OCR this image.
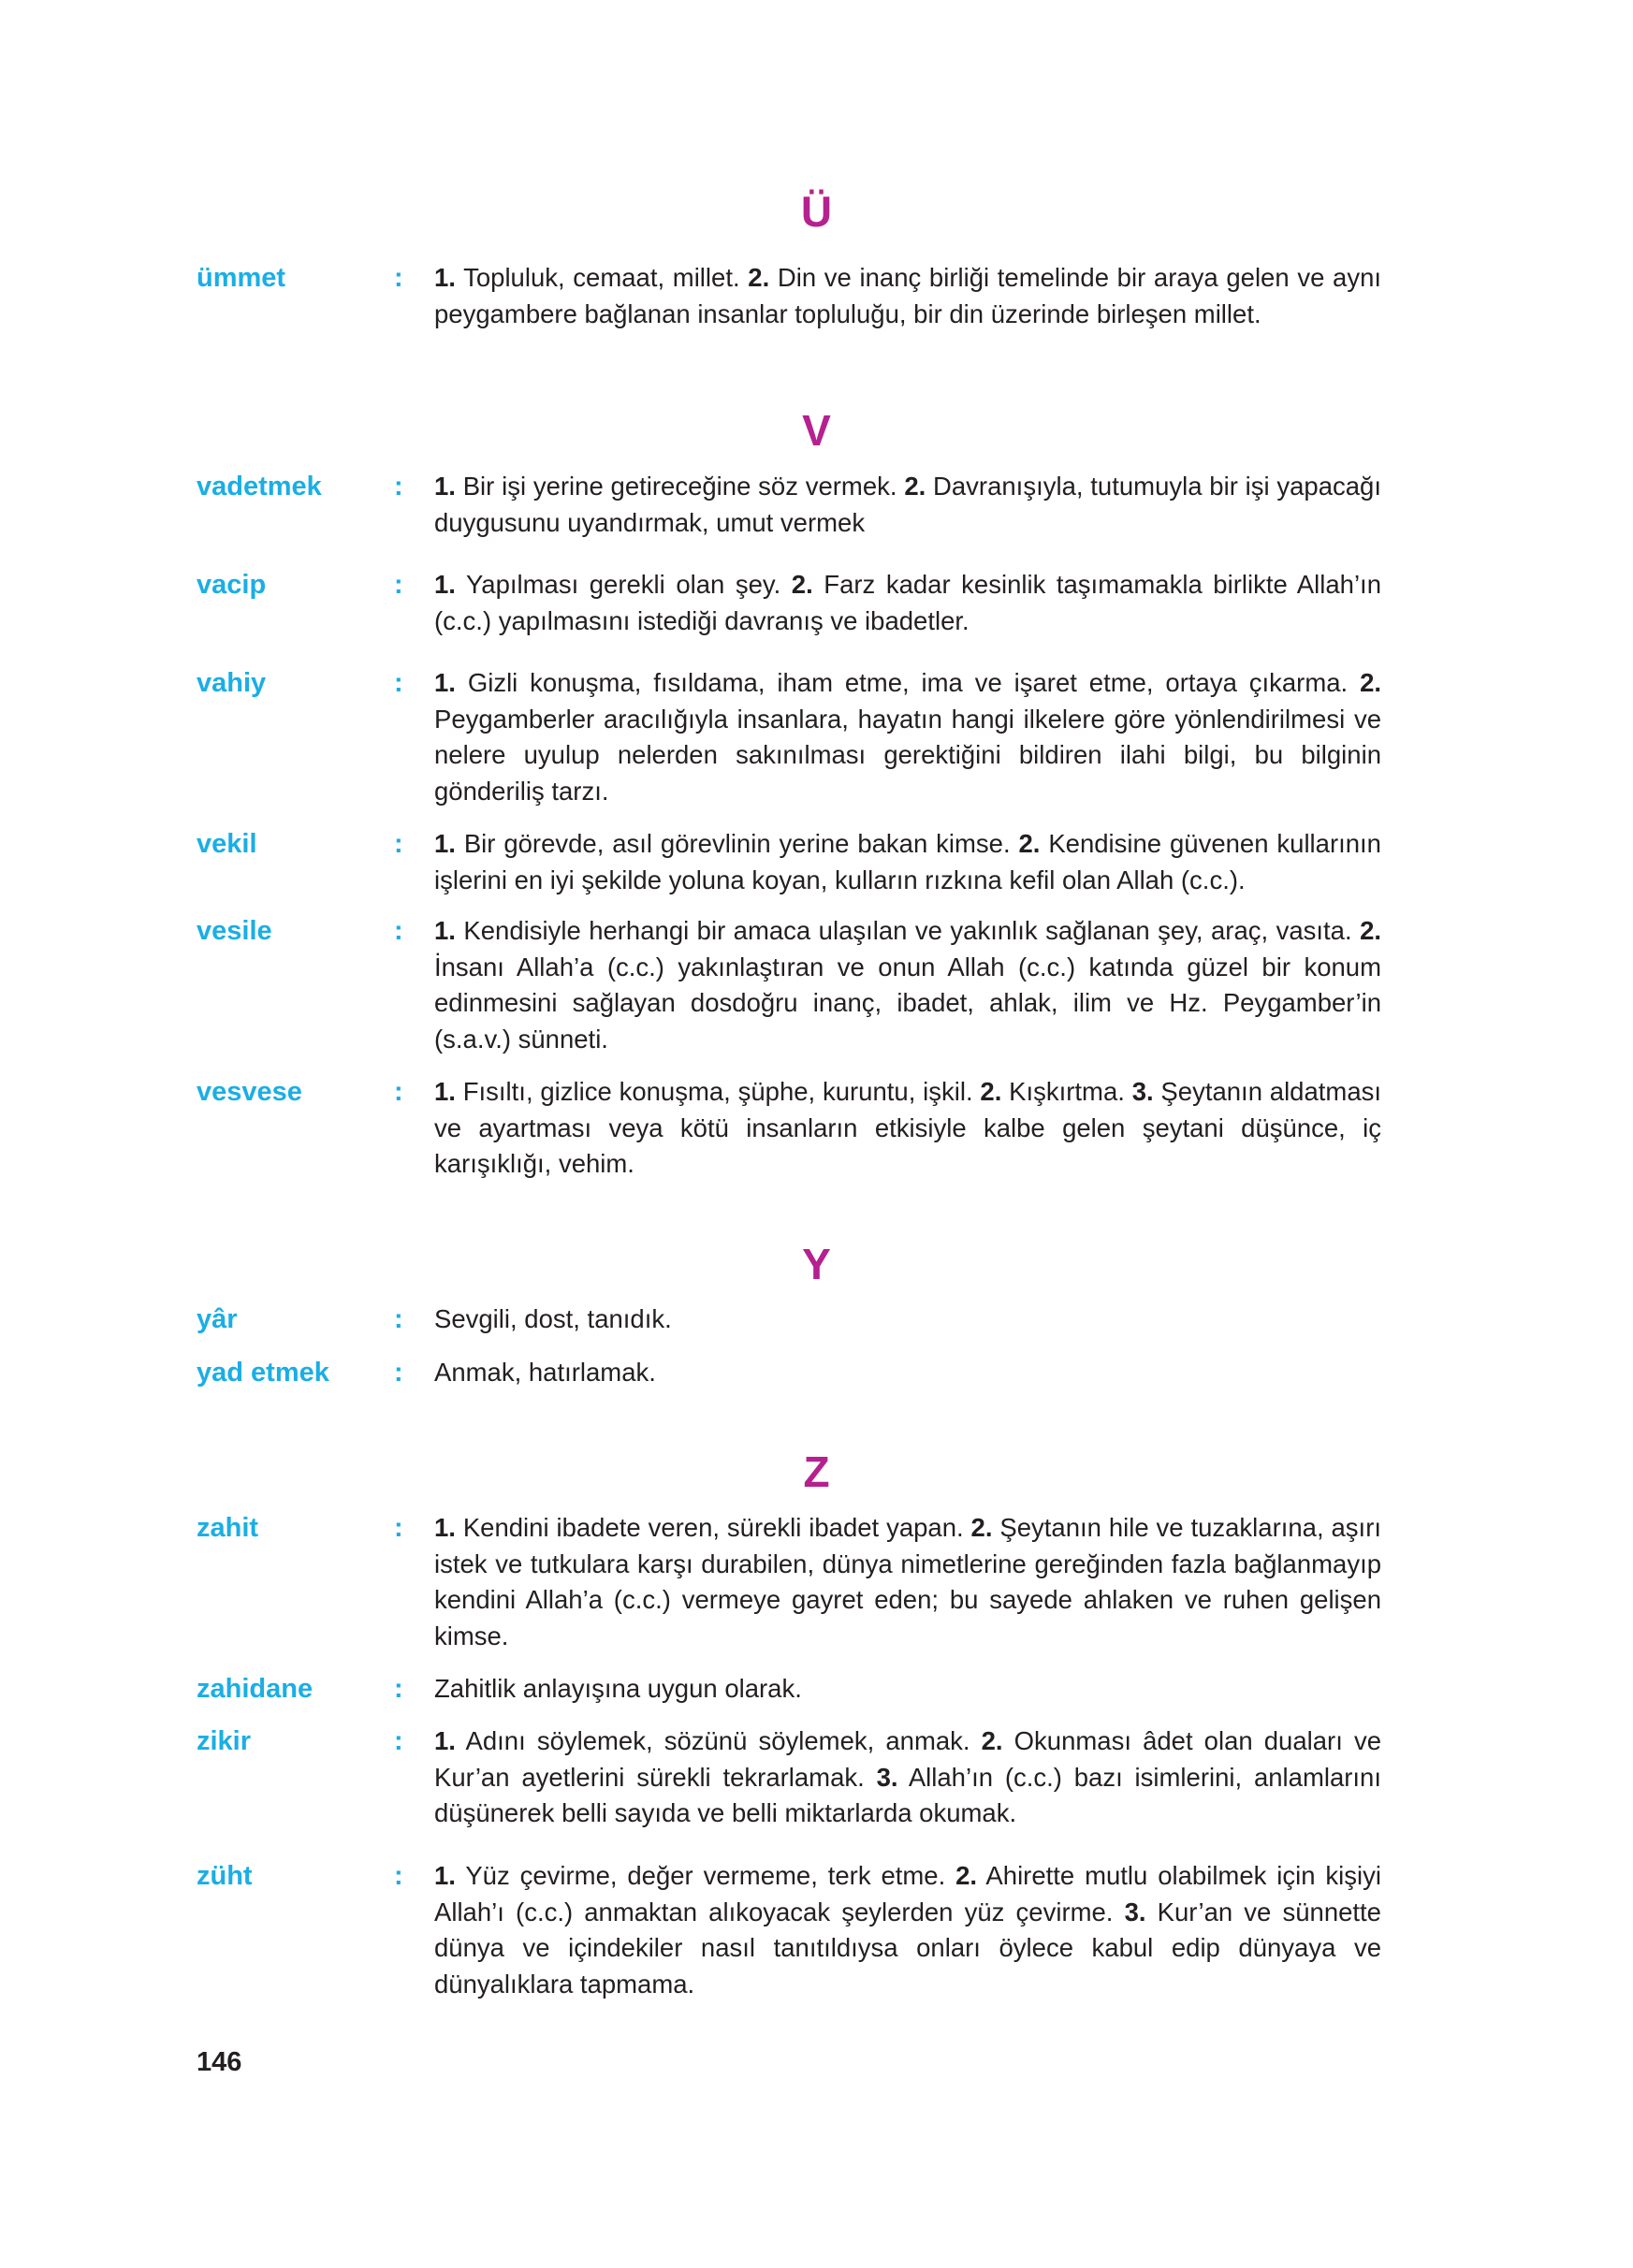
Ü
ümmet	: 1. Topluluk, cemaat, millet. 2. Din ve inanç birliği temelinde bir araya gelen ve aynı peygambere bağlanan insanlar topluluğu, bir din üzerinde birleşen millet.
V
vadetmek	: 1. Bir işi yerine getireceğine söz vermek. 2. Davranışıyla, tutumuyla bir işi yapacağı duygusunu uyandırmak, umut vermek
vacip	: 1. Yapılması gerekli olan şey. 2. Farz kadar kesinlik taşımamakla birlikte Allah’ın (c.c.) yapılmasını istediği davranış ve ibadetler.
vahiy	: 1. Gizli konuşma, fısıldama, iham etme, ima ve işaret etme, ortaya çıkarma. 2. Peygamberler aracılığıyla insanlara, hayatın hangi ilkelere göre yönlendirilmesi ve nelere uyulup nelerden sakınılması gerektiğini bildiren ilahi bilgi, bu bilginin gönderiliş tarzı.
vekil	: 1. Bir görevde, asıl görevlinin yerine bakan kimse. 2. Kendisine güvenen kullarının işlerini en iyi şekilde yoluna koyan, kulların rızkına kefil olan Allah (c.c.).
vesile	: 1. Kendisiyle herhangi bir amaca ulaşılan ve yakınlık sağlanan şey, araç, vasıta. 2. İnsanı Allah’a (c.c.) yakınlaştıran ve onun Allah (c.c.) katında güzel bir konum edinmesini sağlayan dosdoğru inanç, ibadet, ahlak, ilim ve Hz. Peygamber’in (s.a.v.) sünneti.
vesvese	: 1. Fısıltı, gizlice konuşma, şüphe, kuruntu, işkil. 2. Kışkırtma. 3. Şeytanın aldatması ve ayartması veya kötü insanların etkisiyle kalbe gelen şeytani düşünce, iç karışıklığı, vehim.
Y
yâr	: Sevgili, dost, tanıdık.
yad etmek	: Anmak, hatırlamak.
Z
zahit	: 1. Kendini ibadete veren, sürekli ibadet yapan. 2. Şeytanın hile ve tuzaklarına, aşırı istek ve tutkulara karşı durabilen, dünya nimetlerine gereğinden fazla bağlanmayıp kendini Allah’a (c.c.) vermeye gayret eden; bu sayede ahlaken ve ruhen gelişen kimse.
zahidane	: Zahitlik anlayışına uygun olarak.
zikir	: 1. Adını söylemek, sözünü söylemek, anmak. 2. Okunması âdet olan duaları ve Kur’an ayetlerini sürekli tekrarlamak. 3. Allah’ın (c.c.) bazı isimlerini, anlamlarını düşünerek belli sayıda ve belli miktarlarda okumak.
züht	: 1. Yüz çevirme, değer vermeme, terk etme. 2. Ahirette mutlu olabilmek için kişiyi Allah’ı (c.c.) anmaktan alıkoyacak şeylerden yüz çevirme. 3. Kur’an ve sünnette dünya ve içindekiler nasıl tanıtıldıysa onları öylece kabul edip dünyaya ve dünyalıklara tapmama.
146
